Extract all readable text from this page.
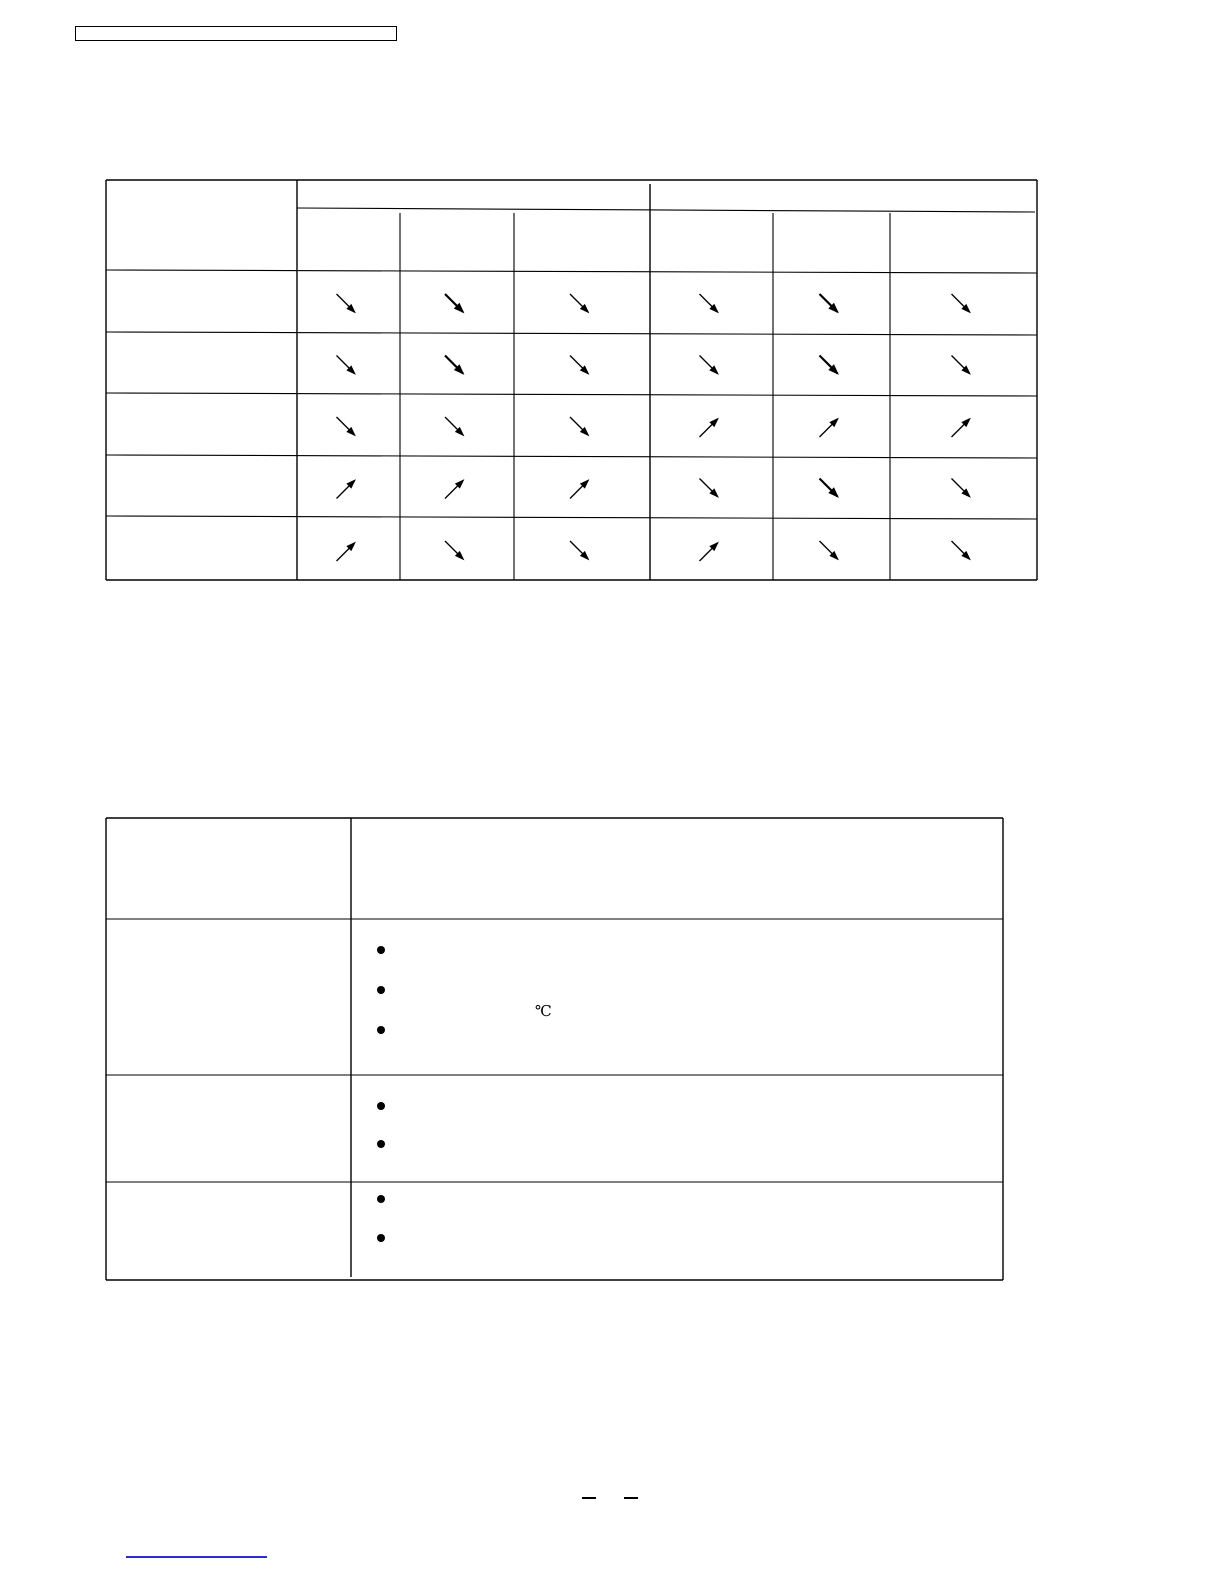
℃
